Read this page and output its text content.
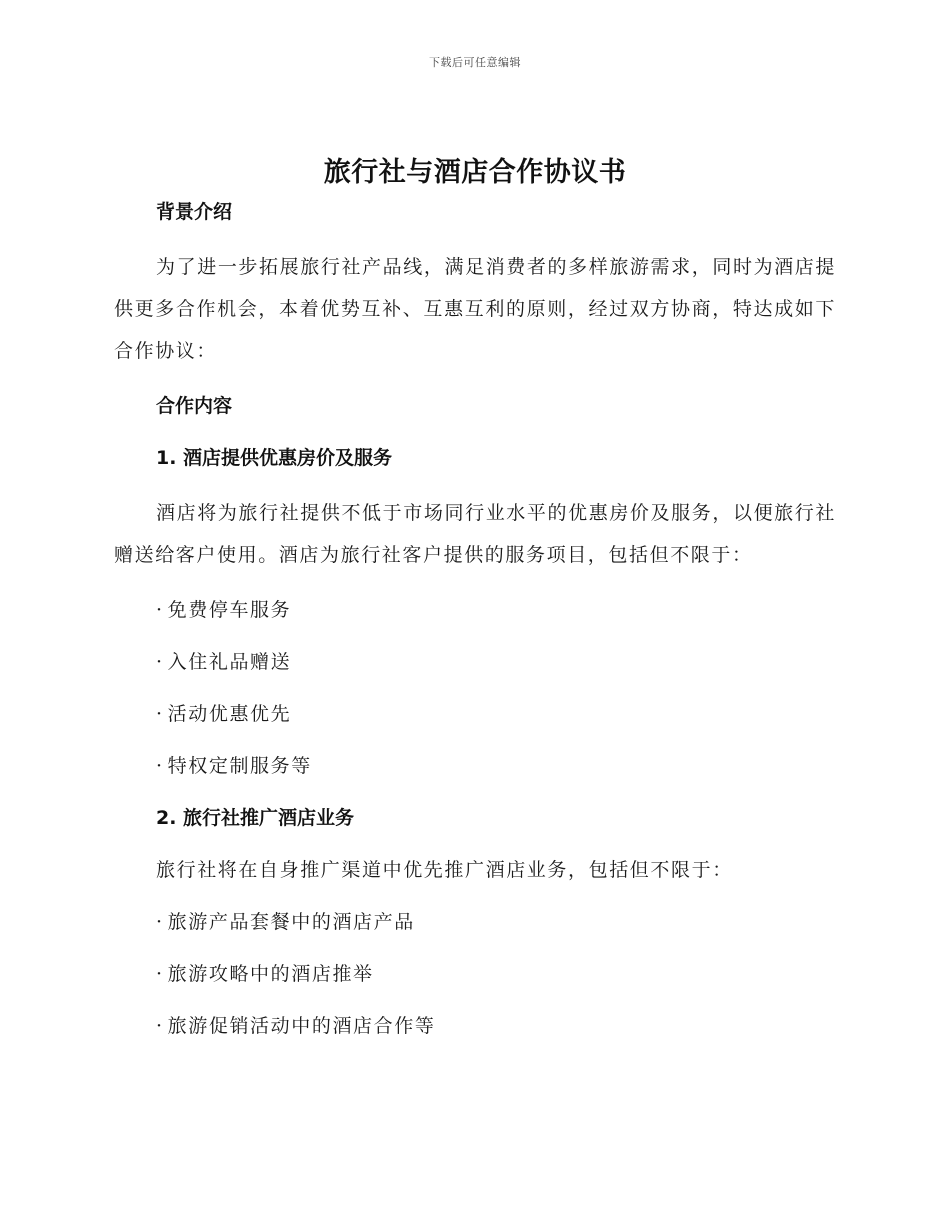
下载后可任意编辑
旅行社与酒店合作协议书

背景介绍

为了进一步拓展旅行社产品线，满足消费者的多样旅游需求，同时为酒店提供更多合作机会，本着优势互补、互惠互利的原则，经过双方协商，特达成如下合作协议：

合作内容

1. 酒店提供优惠房价及服务

酒店将为旅行社提供不低于市场同行业水平的优惠房价及服务，以便旅行社赠送给客户使用。酒店为旅行社客户提供的服务项目，包括但不限于：

· 免费停车服务

· 入住礼品赠送

· 活动优惠优先

· 特权定制服务等

2. 旅行社推广酒店业务

旅行社将在自身推广渠道中优先推广酒店业务，包括但不限于：

· 旅游产品套餐中的酒店产品

· 旅游攻略中的酒店推举

· 旅游促销活动中的酒店合作等
